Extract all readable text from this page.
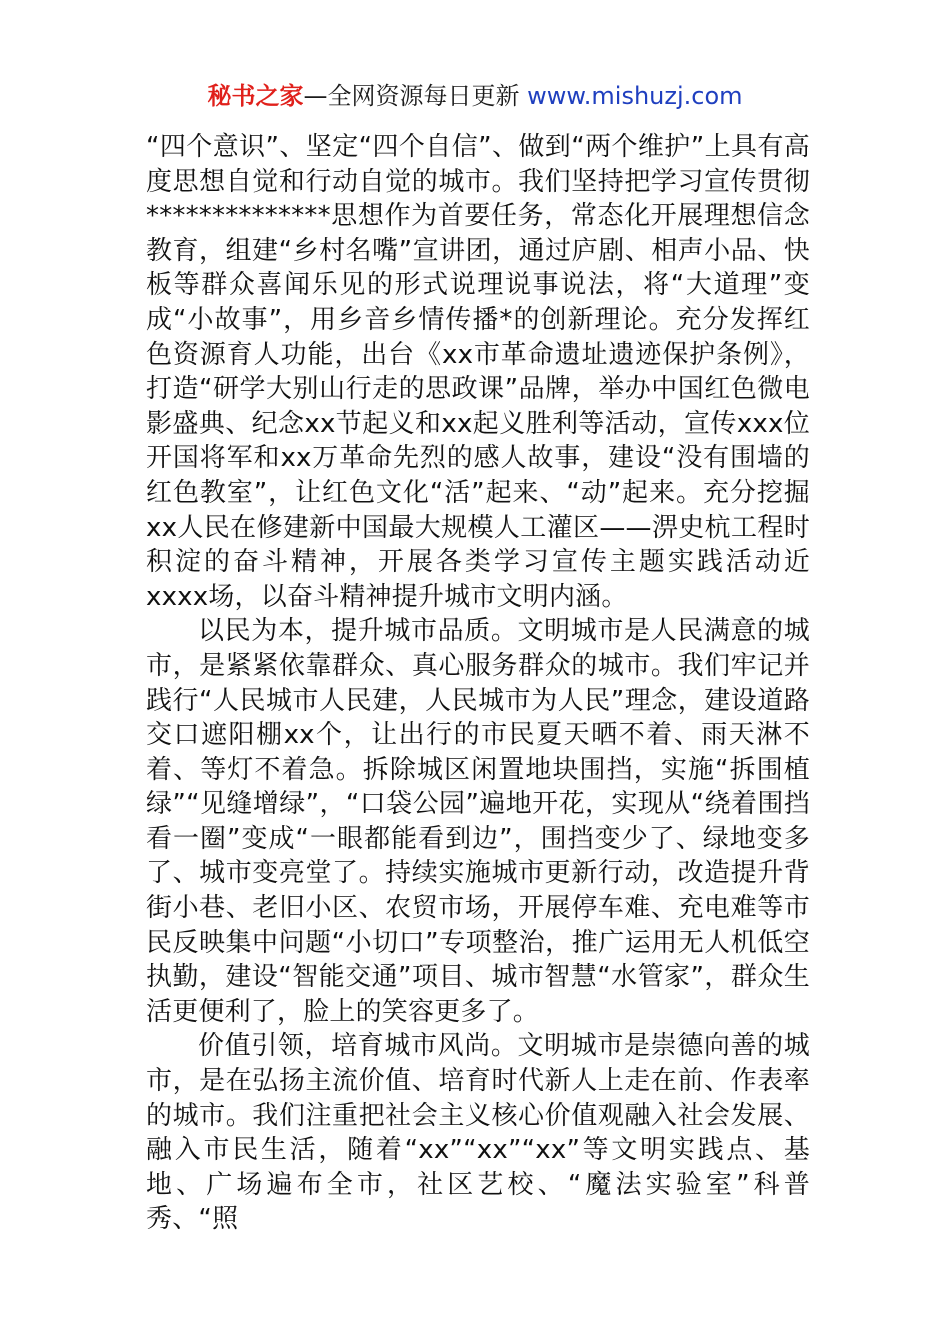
秘书之家—全网资源每日更新 www.mishuzj.com

“四个意识”、坚定“四个自信”、做到“两个维护”上具有高度思想自觉和行动自觉的城市。我们坚持把学习宣传贯彻**************思想作为首要任务，常态化开展理想信念教育，组建“乡村名嘴”宣讲团，通过庐剧、相声小品、快板等群众喜闻乐见的形式说理说事说法，将“大道理”变成“小故事”，用乡音乡情传播*的创新理论。充分发挥红色资源育人功能，出台《xx市革命遗址遗迹保护条例》，打造“研学大别山行走的思政课”品牌，举办中国红色微电影盛典、纪念xx节起义和xx起义胜利等活动，宣传xxx位开国将军和xx万革命先烈的感人故事，建设“没有围墙的红色教室”，让红色文化“活”起来、“动”起来。充分挖掘xx人民在修建新中国最大规模人工灌区——淠史杭工程时积淀的奋斗精神，开展各类学习宣传主题实践活动近xxxx场，以奋斗精神提升城市文明内涵。

以民为本，提升城市品质。文明城市是人民满意的城市，是紧紧依靠群众、真心服务群众的城市。我们牢记并践行“人民城市人民建，人民城市为人民”理念，建设道路交口遮阳棚xx个，让出行的市民夏天晒不着、雨天淋不着、等灯不着急。拆除城区闲置地块围挡，实施“拆围植绿”“见缝增绿”，“口袋公园”遍地开花，实现从“绕着围挡看一圈”变成“一眼都能看到边”，围挡变少了、绿地变多了、城市变亮堂了。持续实施城市更新行动，改造提升背街小巷、老旧小区、农贸市场，开展停车难、充电难等市民反映集中问题“小切口”专项整治，推广运用无人机低空执勤，建设“智能交通”项目、城市智慧“水管家”，群众生活更便利了，脸上的笑容更多了。

价值引领，培育城市风尚。文明城市是崇德向善的城市，是在弘扬主流价值、培育时代新人上走在前、作表率的城市。我们注重把社会主义核心价值观融入社会发展、融入市民生活，随着“xx”“xx”“xx”等文明实践点、基地、广场遍布全市，社区艺校、“魔法实验室”科普秀、“照
